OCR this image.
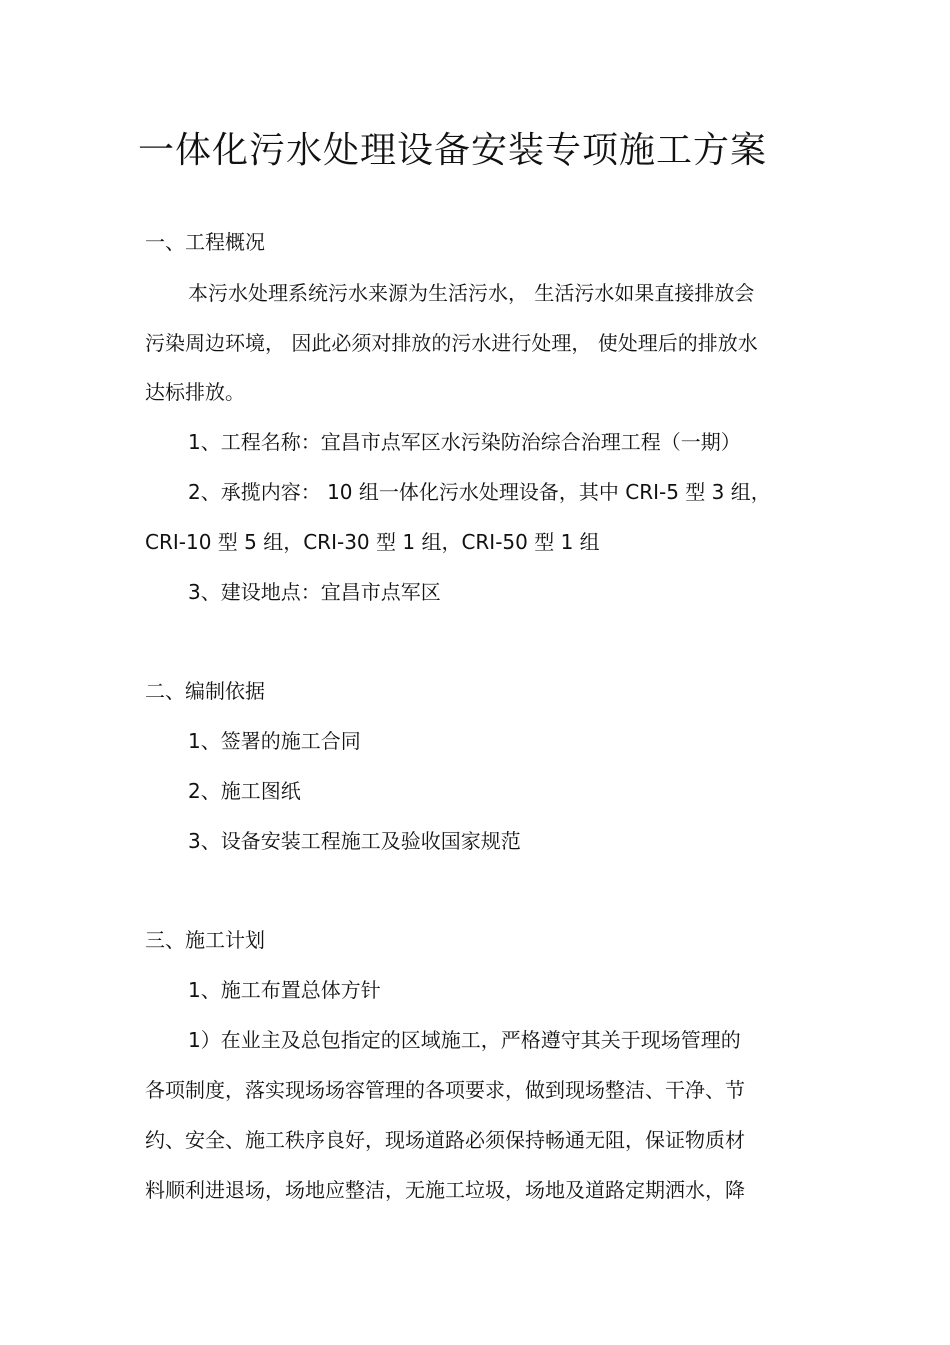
一体化污水处理设备安装专项施工方案
一、工程概况
本污水处理系统污水来源为生活污水， 生活污水如果直接排放会
污染周边环境， 因此必须对排放的污水进行处理， 使处理后的排放水
达标排放。
1、工程名称：宜昌市点军区水污染防治综合治理工程（一期）
2、承揽内容： 10 组一体化污水处理设备，其中 CRI-5 型 3 组，
CRI-10 型 5 组，CRI-30 型 1 组，CRI-50 型 1 组
3、建设地点：宜昌市点军区
二、编制依据
1、签署的施工合同
2、施工图纸
3、设备安装工程施工及验收国家规范
三、施工计划
1、施工布置总体方针
1）在业主及总包指定的区域施工，严格遵守其关于现场管理的
各项制度，落实现场场容管理的各项要求，做到现场整洁、干净、节
约、安全、施工秩序良好，现场道路必须保持畅通无阻，保证物质材
料顺利进退场，场地应整洁，无施工垃圾，场地及道路定期洒水，降
